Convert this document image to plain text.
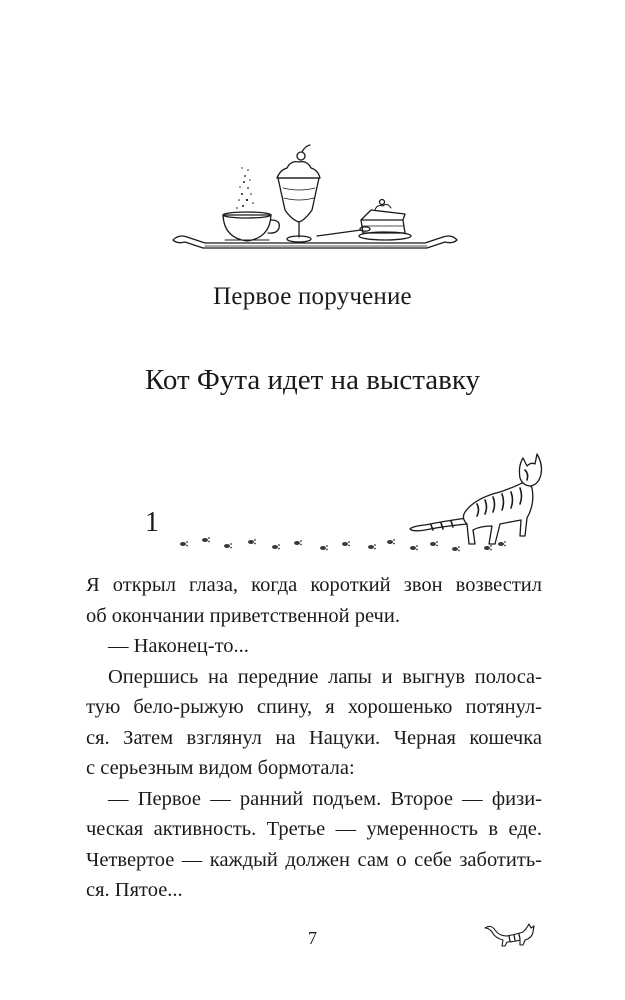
Первое поручение
Кот Фута идет на выставку
1
Я открыл глаза, когда короткий звон возвестил
об окончании приветственной речи.
— Наконец-то...
Опершись на передние лапы и выгнув полоса-
тую бело-рыжую спину, я хорошенько потянул-
ся. Затем взглянул на Нацуки. Черная кошечка
с серьезным видом бормотала:
— Первое — ранний подъем. Второе — физи-
ческая активность. Третье — умеренность в еде.
Четвертое — каждый должен сам о себе заботить-
ся. Пятое...
7
